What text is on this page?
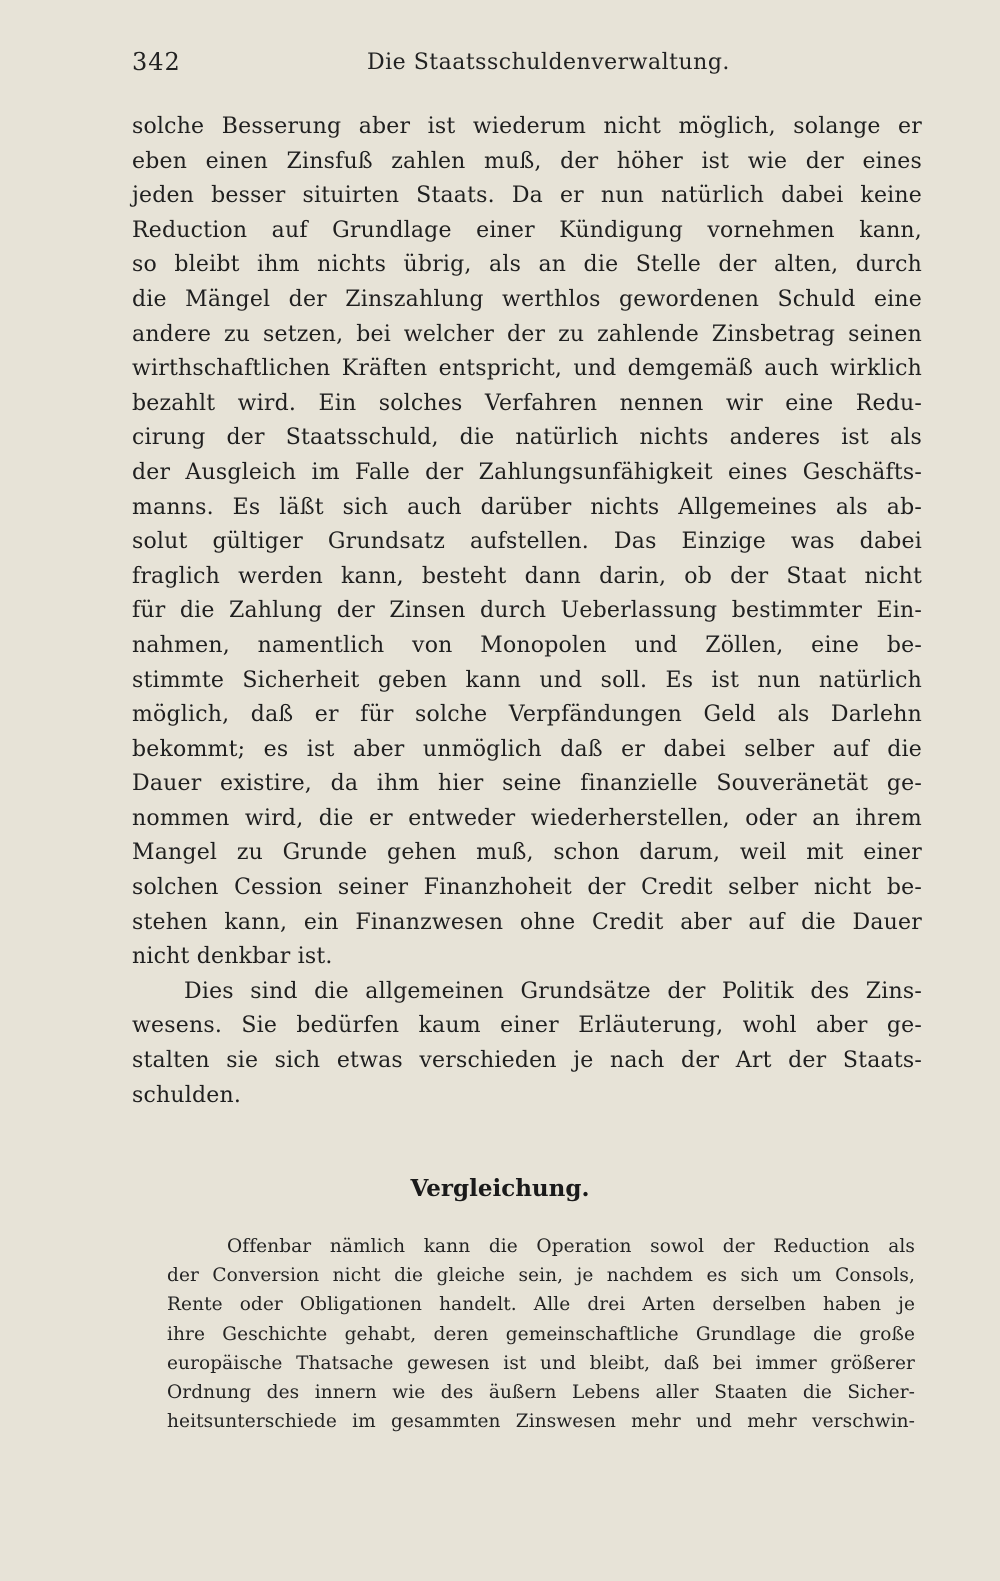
342	Die Staatsschuldenverwaltung.
solche Besserung aber ist wiederum nicht möglich, solange er
eben einen Zinsfuß zahlen muß, der höher ist wie der eines
jeden besser situirten Staats. Da er nun natürlich dabei keine
Reduction auf Grundlage einer Kündigung vornehmen kann,
so bleibt ihm nichts übrig, als an die Stelle der alten, durch
die Mängel der Zinszahlung werthlos gewordenen Schuld eine
andere zu setzen, bei welcher der zu zahlende Zinsbetrag seinen
wirthschaftlichen Kräften entspricht, und demgemäß auch wirklich
bezahlt wird. Ein solches Verfahren nennen wir eine Redu-
cirung der Staatsschuld, die natürlich nichts anderes ist als
der Ausgleich im Falle der Zahlungsunfähigkeit eines Geschäfts-
manns. Es läßt sich auch darüber nichts Allgemeines als ab-
solut gültiger Grundsatz aufstellen. Das Einzige was dabei
fraglich werden kann, besteht dann darin, ob der Staat nicht
für die Zahlung der Zinsen durch Ueberlassung bestimmter Ein-
nahmen, namentlich von Monopolen und Zöllen, eine be-
stimmte Sicherheit geben kann und soll. Es ist nun natürlich
möglich, daß er für solche Verpfändungen Geld als Darlehn
bekommt; es ist aber unmöglich daß er dabei selber auf die
Dauer existire, da ihm hier seine finanzielle Souveränetät ge-
nommen wird, die er entweder wiederherstellen, oder an ihrem
Mangel zu Grunde gehen muß, schon darum, weil mit einer
solchen Cession seiner Finanzhoheit der Credit selber nicht be-
stehen kann, ein Finanzwesen ohne Credit aber auf die Dauer
nicht denkbar ist.
Dies sind die allgemeinen Grundsätze der Politik des Zins-
wesens. Sie bedürfen kaum einer Erläuterung, wohl aber ge-
stalten sie sich etwas verschieden je nach der Art der Staats-
schulden.
Vergleichung.
Offenbar nämlich kann die Operation sowol der Reduction als
der Conversion nicht die gleiche sein, je nachdem es sich um Consols,
Rente oder Obligationen handelt. Alle drei Arten derselben haben je
ihre Geschichte gehabt, deren gemeinschaftliche Grundlage die große
europäische Thatsache gewesen ist und bleibt, daß bei immer größerer
Ordnung des innern wie des äußern Lebens aller Staaten die Sicher-
heitsunterschiede im gesammten Zinswesen mehr und mehr verschwin-
